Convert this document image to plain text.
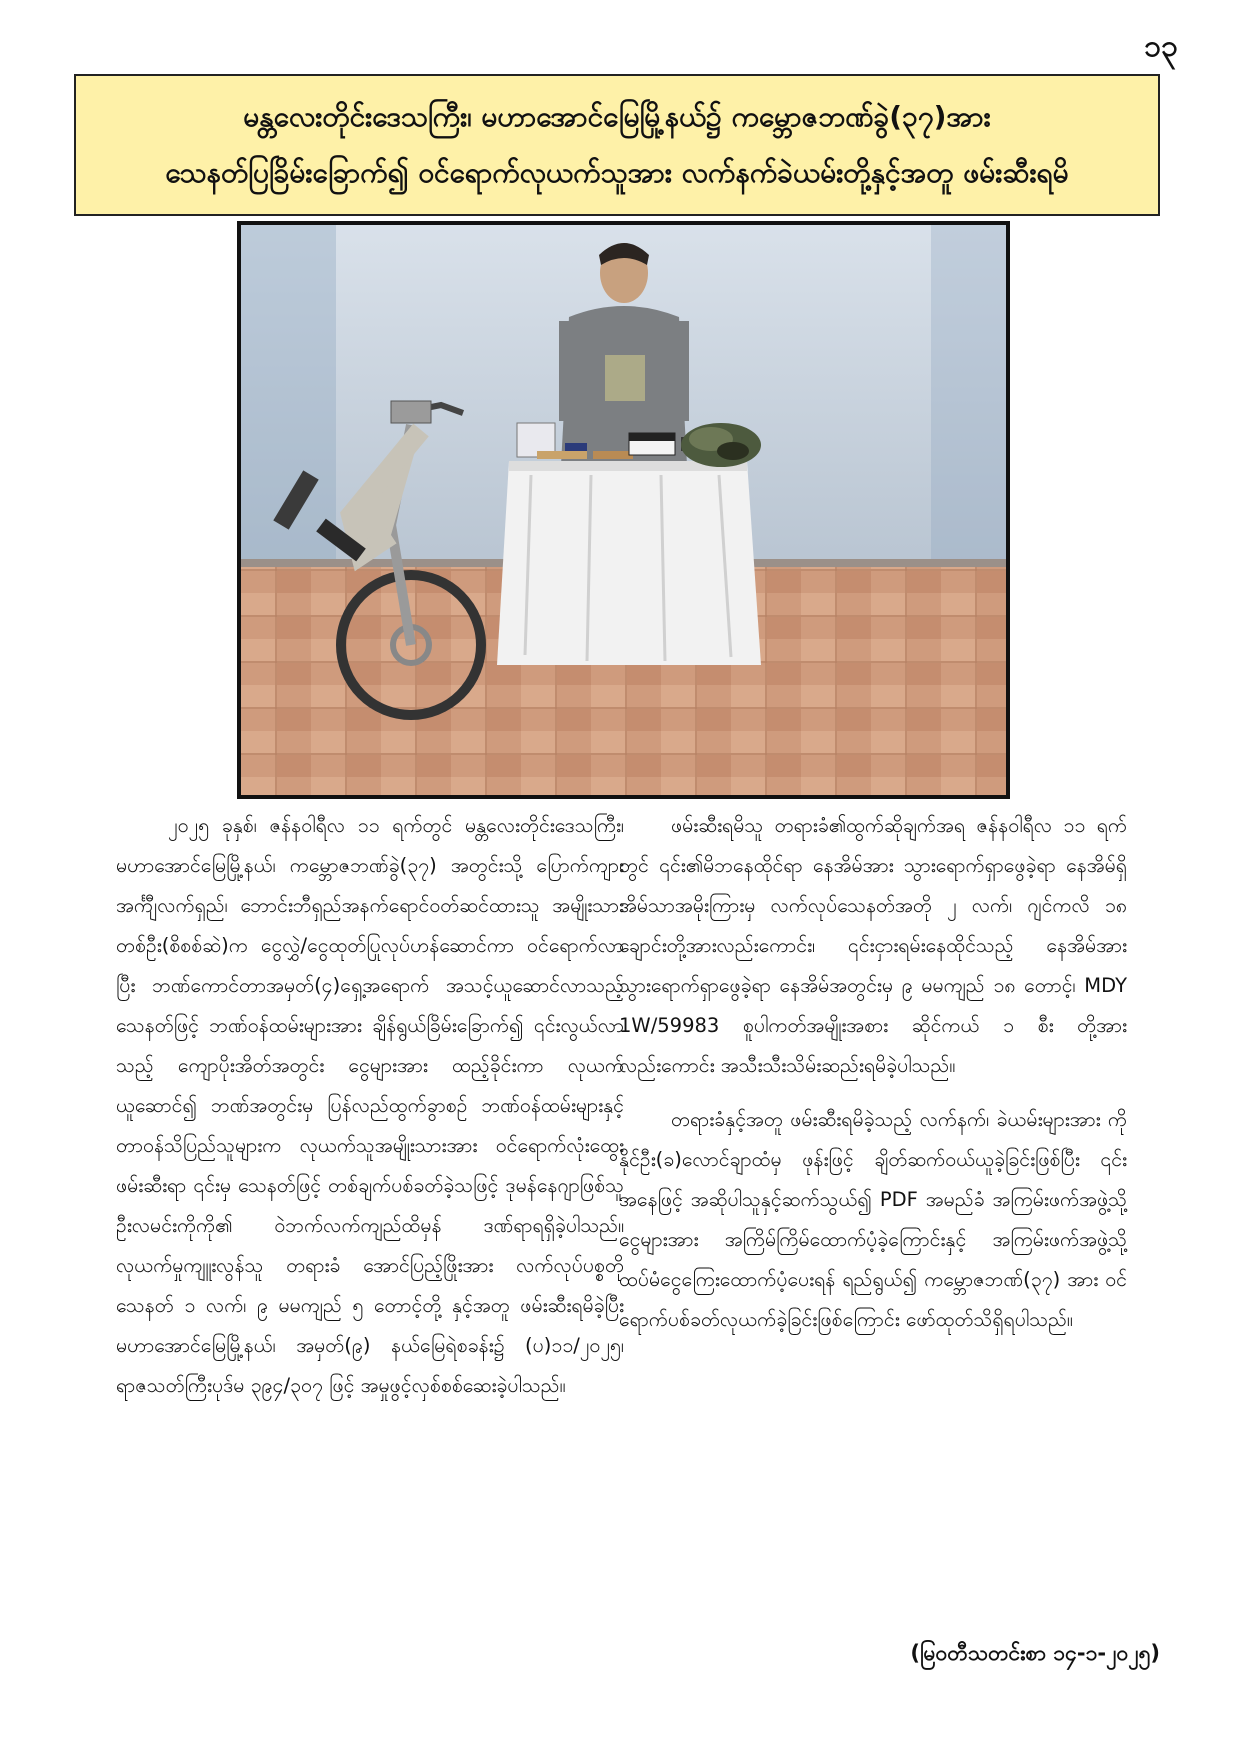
၁၃
မန္တလေးတိုင်းဒေသကြီး၊ မဟာအောင်မြေမြို့နယ်၌ ကမ္ဘောဇဘဏ်ခွဲ(၃၇)အား
သေနတ်ပြခြိမ်းခြောက်၍ ဝင်ရောက်လုယက်သူအား လက်နက်ခဲယမ်းတို့နှင့်အတူ ဖမ်းဆီးရမိ

၂၀၂၅ ခုနှစ်၊ ဇန်နဝါရီလ ၁၁ ရက်တွင် မန္တလေးတိုင်းဒေသကြီး၊ မဟာအောင်မြေမြို့နယ်၊ ကမ္ဘောဇဘဏ်ခွဲ(၃၇) အတွင်းသို့ ပြောက်ကျားအင်္ကျီလက်ရှည်၊ ဘောင်းဘီရှည်အနက်ရောင်ဝတ်ဆင်ထားသူ အမျိုးသားတစ်ဦး(စိစစ်ဆဲ)က ငွေလွှဲ/ငွေထုတ်ပြုလုပ်ဟန်ဆောင်ကာ ဝင်ရောက်လာပြီး ဘဏ်ကောင်တာအမှတ်(၄)ရှေ့အရောက် အသင့်ယူဆောင်လာသည့် သေနတ်ဖြင့် ဘဏ်ဝန်ထမ်းများအား ချိန်ရွယ်ခြိမ်းခြောက်၍ ၎င်းလွယ်လာသည့် ကျောပိုးအိတ်အတွင်း ငွေများအား ထည့်ခိုင်းကာ လုယက်ယူဆောင်၍ ဘဏ်အတွင်းမှ ပြန်လည်ထွက်ခွာစဉ် ဘဏ်ဝန်ထမ်းများနှင့် တာဝန်သိပြည်သူများက လုယက်သူအမျိုးသားအား ဝင်ရောက်လုံးထွေးဖမ်းဆီးရာ ၎င်းမှ သေနတ်ဖြင့် တစ်ချက်ပစ်ခတ်ခဲ့သဖြင့် ဒုမန်နေဂျာဖြစ်သူ ဦးလမင်းကိုကို၏ ဝဲဘက်လက်ကျည်ထိမှန် ဒဏ်ရာရရှိခဲ့ပါသည်။ လုယက်မှုကျူးလွန်သူ တရားခံ အောင်ပြည့်ဖြိုးအား လက်လုပ်ပစ္စတို သေနတ် ၁ လက်၊ ၉ မမကျည် ၅ တောင့်တို့ နှင့်အတူ ဖမ်းဆီးရမိခဲ့ပြီး မဟာအောင်မြေမြို့နယ်၊ အမှတ်(၉) နယ်မြေရဲစခန်း၌ (ပ)၁၁/၂၀၂၅၊ ရာဇသတ်ကြီးပုဒ်မ ၃၉၄/၃၀၇ ဖြင့် အမှုဖွင့်လှစ်စစ်ဆေးခဲ့ပါသည်။

ဖမ်းဆီးရမိသူ တရားခံ၏ထွက်ဆိုချက်အရ ဇန်နဝါရီလ ၁၁ ရက်တွင် ၎င်း၏မိဘနေထိုင်ရာ နေအိမ်အား သွားရောက်ရှာဖွေခဲ့ရာ နေအိမ်ရှိ အိမ်သာအမိုးကြားမှ လက်လုပ်သေနတ်အတို ၂ လက်၊ ဂျင်ကလိ ၁၈ ချောင်းတို့အားလည်းကောင်း၊ ၎င်းငှားရမ်းနေထိုင်သည့် နေအိမ်အား သွားရောက်ရှာဖွေခဲ့ရာ နေအိမ်အတွင်းမှ ၉ မမကျည် ၁၈ တောင့်၊ MDY 1W/59983 စူပါကတ်အမျိုးအစား ဆိုင်ကယ် ၁ စီး တို့အားလည်းကောင်း အသီးသီးသိမ်းဆည်းရမိခဲ့ပါသည်။

တရားခံနှင့်အတူ ဖမ်းဆီးရမိခဲ့သည့် လက်နက်၊ ခဲယမ်းများအား ကိုနိုင်ဦး(ခ)လောင်ချာထံမှ ဖုန်းဖြင့် ချိတ်ဆက်ဝယ်ယူခဲ့ခြင်းဖြစ်ပြီး ၎င်းအနေဖြင့် အဆိုပါသူနှင့်ဆက်သွယ်၍ PDF အမည်ခံ အကြမ်းဖက်အဖွဲ့သို့ ငွေများအား အကြိမ်ကြိမ်ထောက်ပံ့ခဲ့ကြောင်းနှင့် အကြမ်းဖက်အဖွဲ့သို့ ထပ်မံငွေကြေးထောက်ပံ့ပေးရန် ရည်ရွယ်၍ ကမ္ဘောဇဘဏ်(၃၇) အား ဝင်ရောက်ပစ်ခတ်လုယက်ခဲ့ခြင်းဖြစ်ကြောင်း ဖော်ထုတ်သိရှိရပါသည်။

(မြဝတီသတင်းစာ ၁၄-၁-၂၀၂၅)
